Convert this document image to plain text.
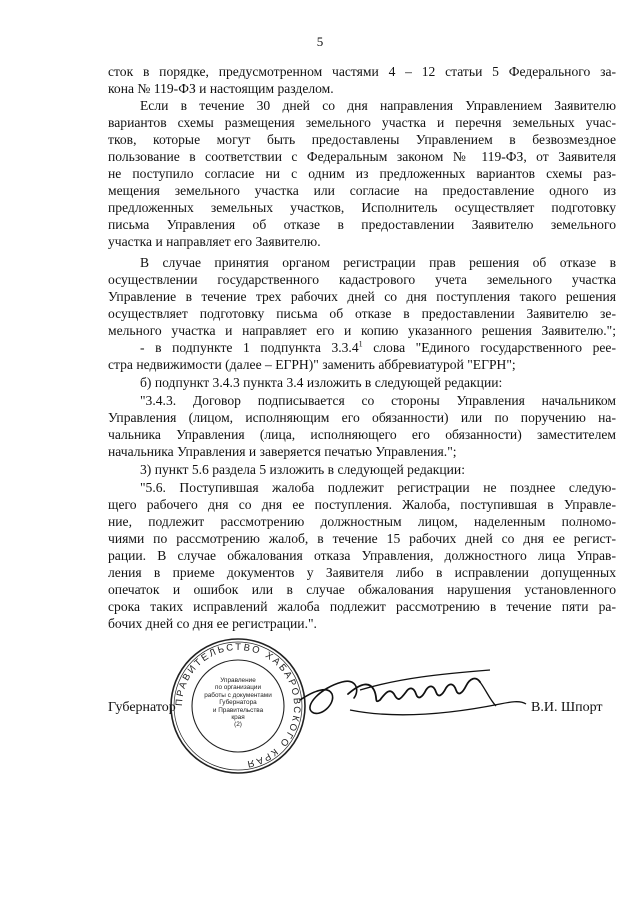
5
сток в порядке, предусмотренном частями 4 – 12 статьи 5 Федерального за-
кона № 119-ФЗ и настоящим разделом.
Если в течение 30 дней со дня направления Управлением Заявителю
вариантов схемы размещения земельного участка и перечня земельных учас-
тков, которые могут быть предоставлены Управлением в безвозмездное
пользование в соответствии с Федеральным законом № 119-ФЗ, от Заявителя
не поступило согласие ни с одним из предложенных вариантов схемы раз-
мещения земельного участка или согласие на предоставление одного из
предложенных земельных участков, Исполнитель осуществляет подготовку
письма Управления об отказе в предоставлении Заявителю земельного
участка и направляет его Заявителю.
В случае принятия органом регистрации прав решения об отказе в
осуществлении государственного кадастрового учета земельного участка
Управление в течение трех рабочих дней со дня поступления такого решения
осуществляет подготовку письма об отказе в предоставлении Заявителю зе-
мельного участка и направляет его и копию указанного решения Заявителю.";
- в подпункте 1 подпункта 3.3.4$^1$ слова "Единого государственного рее-
стра недвижимости (далее – ЕГРН)" заменить аббревиатурой "ЕГРН";
б) подпункт 3.4.3 пункта 3.4 изложить в следующей редакции:
"3.4.3. Договор подписывается со стороны Управления начальником
Управления (лицом, исполняющим его обязанности) или по поручению на-
чальника Управления (лица, исполняющего его обязанности) заместителем
начальника Управления и заверяется печатью Управления.";
3) пункт 5.6 раздела 5 изложить в следующей редакции:
"5.6. Поступившая жалоба подлежит регистрации не позднее следую-
щего рабочего дня со дня ее поступления. Жалоба, поступившая в Управле-
ние, подлежит рассмотрению должностным лицом, наделенным полномо-
чиями по рассмотрению жалоб, в течение 15 рабочих дней со дня ее регист-
рации. В случае обжалования отказа Управления, должностного лица Управ-
ления в приеме документов у Заявителя либо в исправлении допущенных
опечаток и ошибок или в случае обжалования нарушения установленного
срока таких исправлений жалоба подлежит рассмотрению в течение пяти ра-
бочих дней со дня ее регистрации.".
Губернатор	В.И. Шпорт
ПРАВИТЕЛЬСТВО ХАБАРОВСКОГО КРАЯ
Управление
по организации
работы с документами
Губернатора
и Правительства
края
(2)
